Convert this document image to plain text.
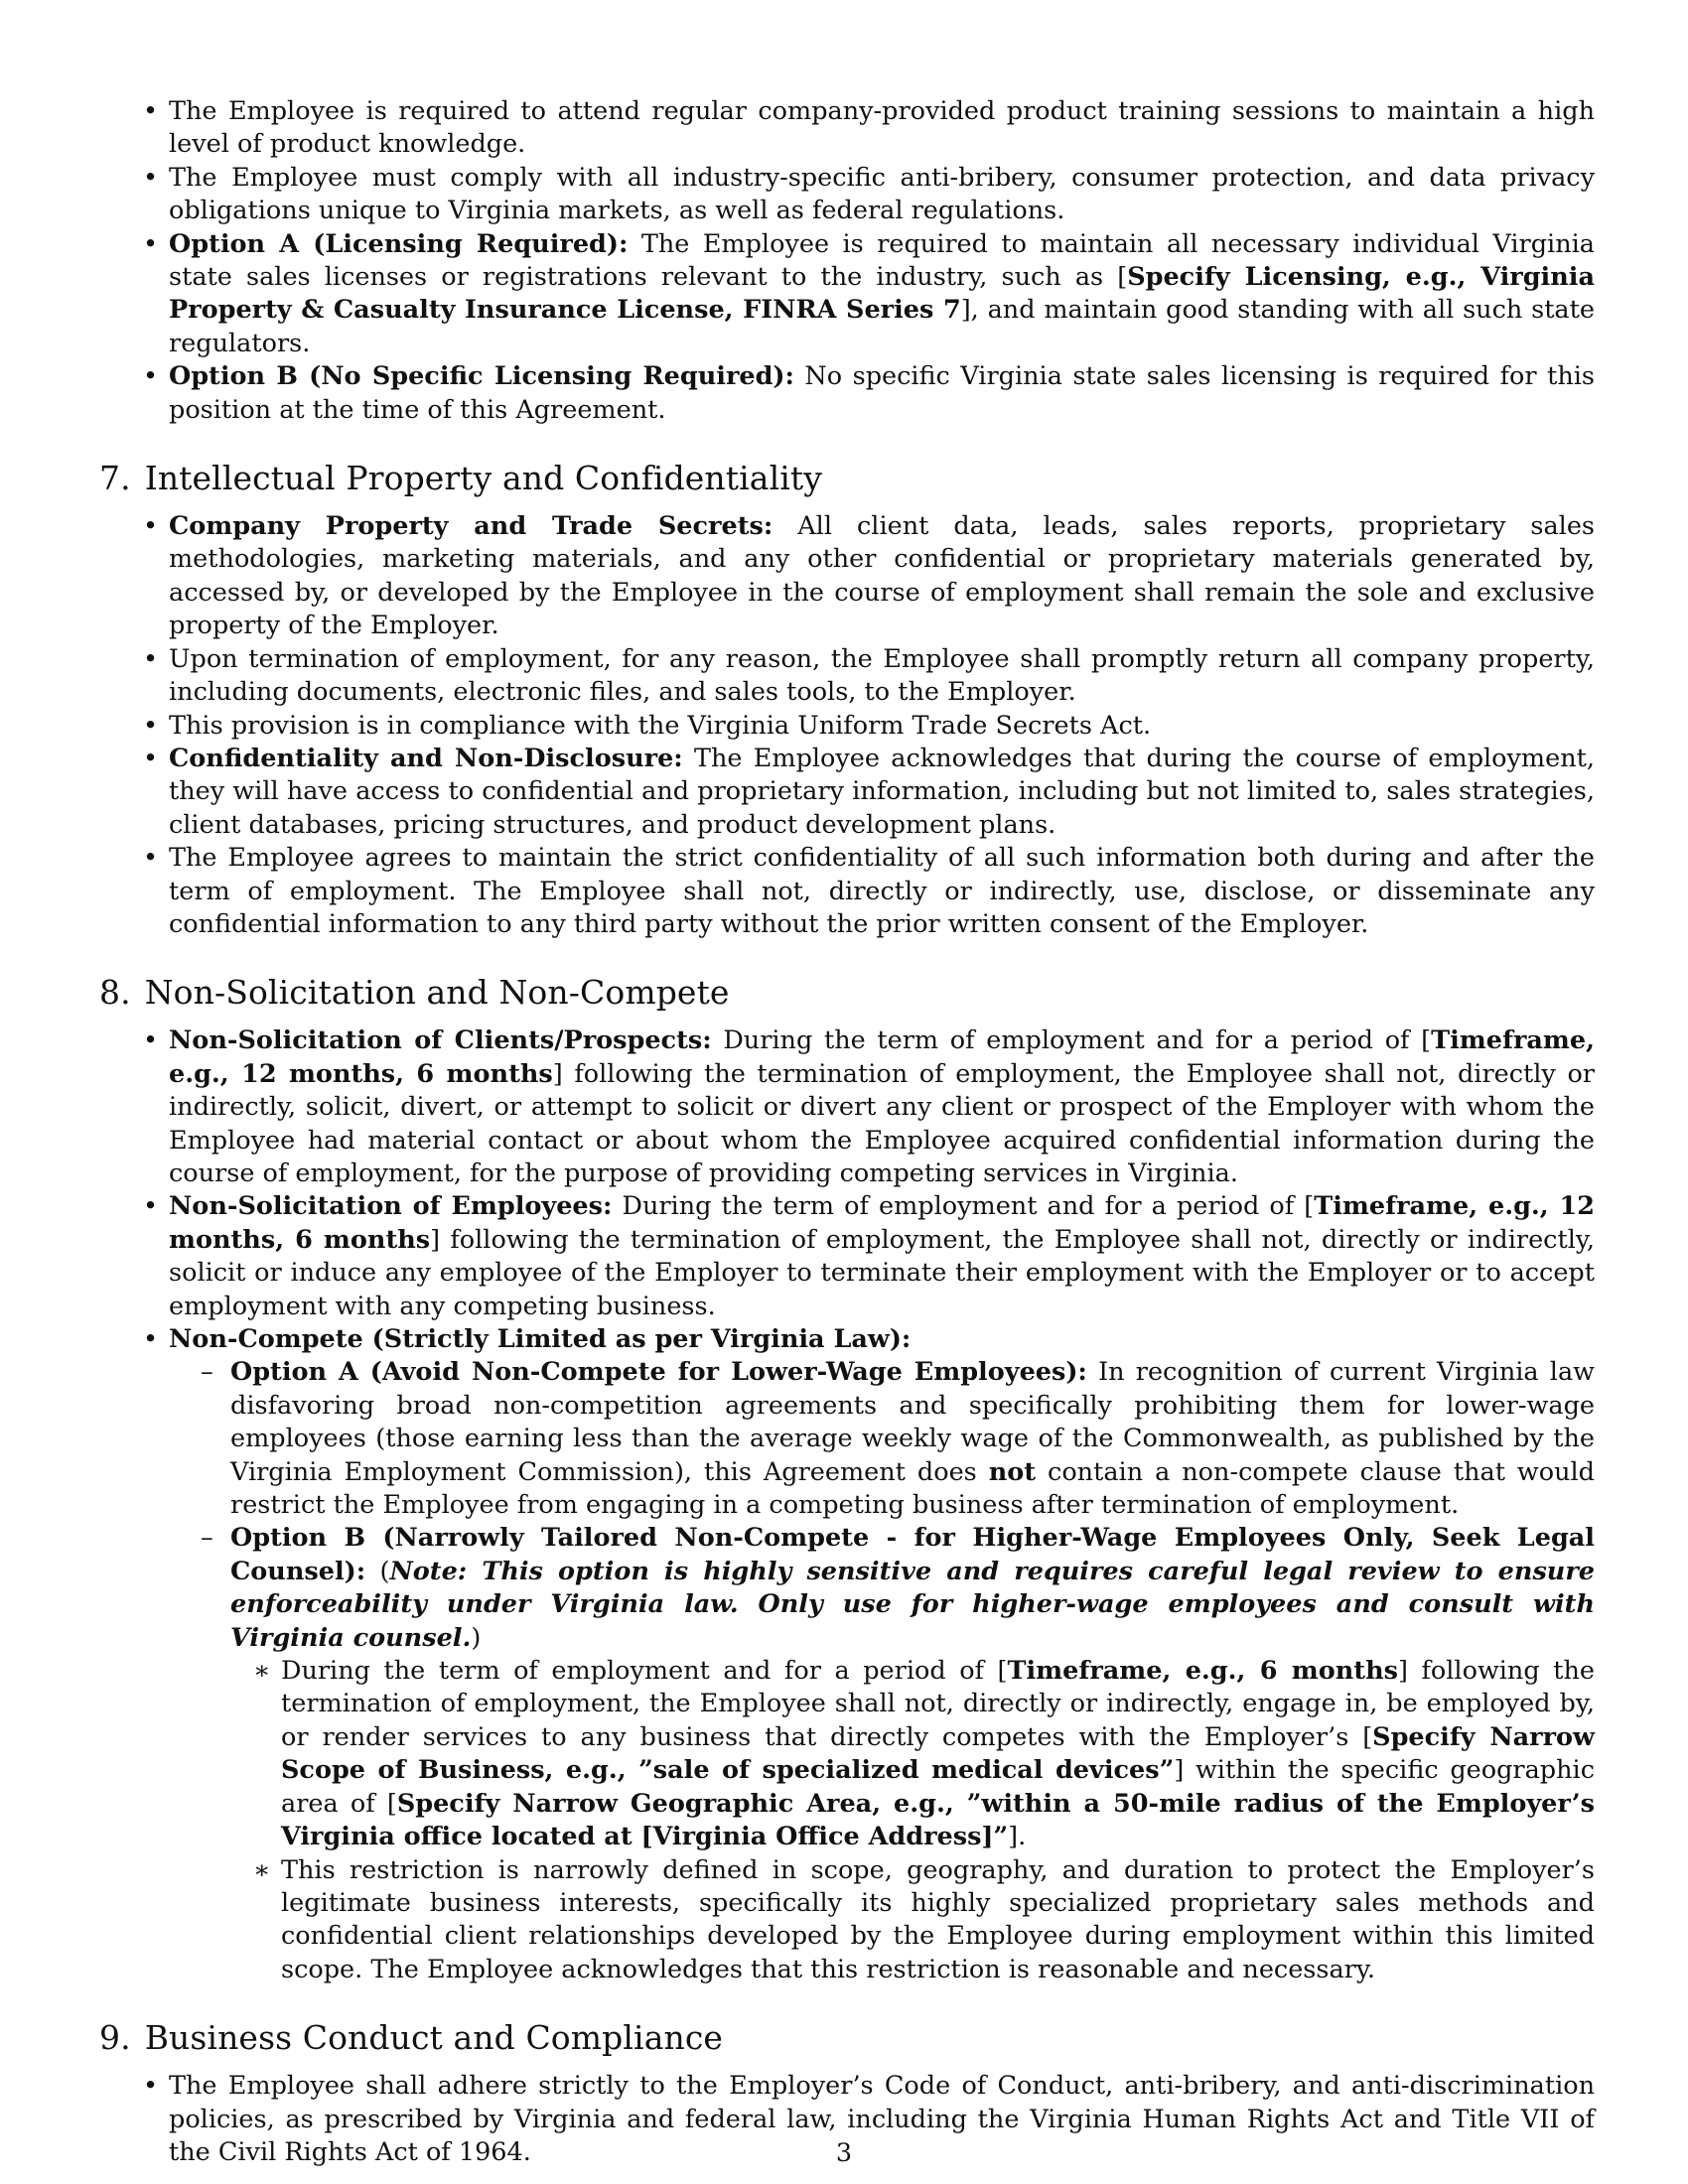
• The Employee is required to attend regular company-provided product training sessions to maintain a high level of product knowledge.
• The Employee must comply with all industry-specific anti-bribery, consumer protection, and data privacy obligations unique to Virginia markets, as well as federal regulations.
• Option A (Licensing Required): The Employee is required to maintain all necessary individual Virginia state sales licenses or registrations relevant to the industry, such as [Specify Licensing, e.g., Virginia Property & Casualty Insurance License, FINRA Series 7], and maintain good standing with all such state regulators.
• Option B (No Specific Licensing Required): No specific Virginia state sales licensing is required for this position at the time of this Agreement.
7. Intellectual Property and Confidentiality
• Company Property and Trade Secrets: All client data, leads, sales reports, proprietary sales methodologies, marketing materials, and any other confidential or proprietary materials generated by, accessed by, or developed by the Employee in the course of employment shall remain the sole and exclusive property of the Employer.
• Upon termination of employment, for any reason, the Employee shall promptly return all company property, including documents, electronic files, and sales tools, to the Employer.
• This provision is in compliance with the Virginia Uniform Trade Secrets Act.
• Confidentiality and Non-Disclosure: The Employee acknowledges that during the course of employment, they will have access to confidential and proprietary information, including but not limited to, sales strategies, client databases, pricing structures, and product development plans.
• The Employee agrees to maintain the strict confidentiality of all such information both during and after the term of employment. The Employee shall not, directly or indirectly, use, disclose, or disseminate any confidential information to any third party without the prior written consent of the Employer.
8. Non-Solicitation and Non-Compete
• Non-Solicitation of Clients/Prospects: During the term of employment and for a period of [Timeframe, e.g., 12 months, 6 months] following the termination of employment, the Employee shall not, directly or indirectly, solicit, divert, or attempt to solicit or divert any client or prospect of the Employer with whom the Employee had material contact or about whom the Employee acquired confidential information during the course of employment, for the purpose of providing competing services in Virginia.
• Non-Solicitation of Employees: During the term of employment and for a period of [Timeframe, e.g., 12 months, 6 months] following the termination of employment, the Employee shall not, directly or indirectly, solicit or induce any employee of the Employer to terminate their employment with the Employer or to accept employment with any competing business.
• Non-Compete (Strictly Limited as per Virginia Law):
– Option A (Avoid Non-Compete for Lower-Wage Employees): In recognition of current Virginia law disfavoring broad non-competition agreements and specifically prohibiting them for lower-wage employees (those earning less than the average weekly wage of the Commonwealth, as published by the Virginia Employment Commission), this Agreement does not contain a non-compete clause that would restrict the Employee from engaging in a competing business after termination of employment.
– Option B (Narrowly Tailored Non-Compete - for Higher-Wage Employees Only, Seek Legal Counsel): (Note: This option is highly sensitive and requires careful legal review to ensure enforceability under Virginia law. Only use for higher-wage employees and consult with Virginia counsel.)
∗ During the term of employment and for a period of [Timeframe, e.g., 6 months] following the termination of employment, the Employee shall not, directly or indirectly, engage in, be employed by, or render services to any business that directly competes with the Employer’s [Specify Narrow Scope of Business, e.g., ”sale of specialized medical devices”] within the specific geographic area of [Specify Narrow Geographic Area, e.g., ”within a 50-mile radius of the Employer’s Virginia office located at [Virginia Office Address]”].
∗ This restriction is narrowly defined in scope, geography, and duration to protect the Employer’s legitimate business interests, specifically its highly specialized proprietary sales methods and confidential client relationships developed by the Employee during employment within this limited scope. The Employee acknowledges that this restriction is reasonable and necessary.
9. Business Conduct and Compliance
• The Employee shall adhere strictly to the Employer’s Code of Conduct, anti-bribery, and anti-discrimination policies, as prescribed by Virginia and federal law, including the Virginia Human Rights Act and Title VII of the Civil Rights Act of 1964.	3
